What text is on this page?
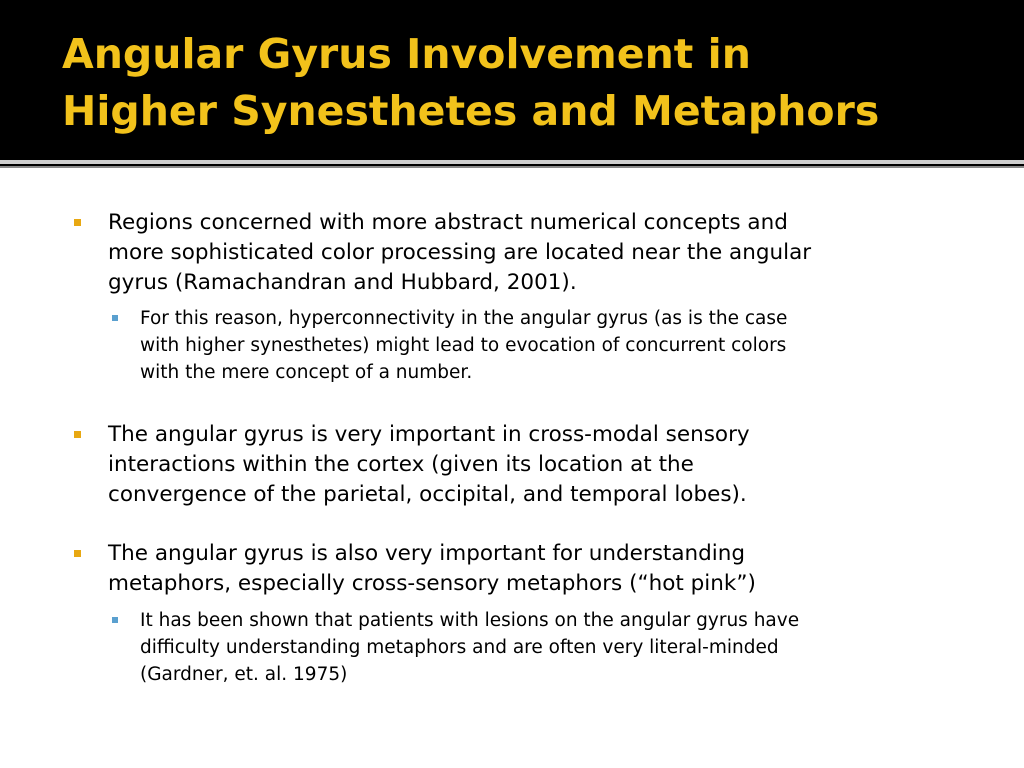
Angular Gyrus Involvement in
Higher Synesthetes and Metaphors
Regions concerned with more abstract numerical concepts and
more sophisticated color processing are located near the angular
gyrus (Ramachandran and Hubbard, 2001).
For this reason, hyperconnectivity in the angular gyrus (as is the case
with higher synesthetes) might lead to evocation of concurrent colors
with the mere concept of a number.
The angular gyrus is very important in cross-modal sensory
interactions within the cortex (given its location at the
convergence of the parietal, occipital, and temporal lobes).
The angular gyrus is also very important for understanding
metaphors, especially cross-sensory metaphors (“hot pink”)
It has been shown that patients with lesions on the angular gyrus have
difficulty understanding metaphors and are often very literal-minded
(Gardner, et. al. 1975)
